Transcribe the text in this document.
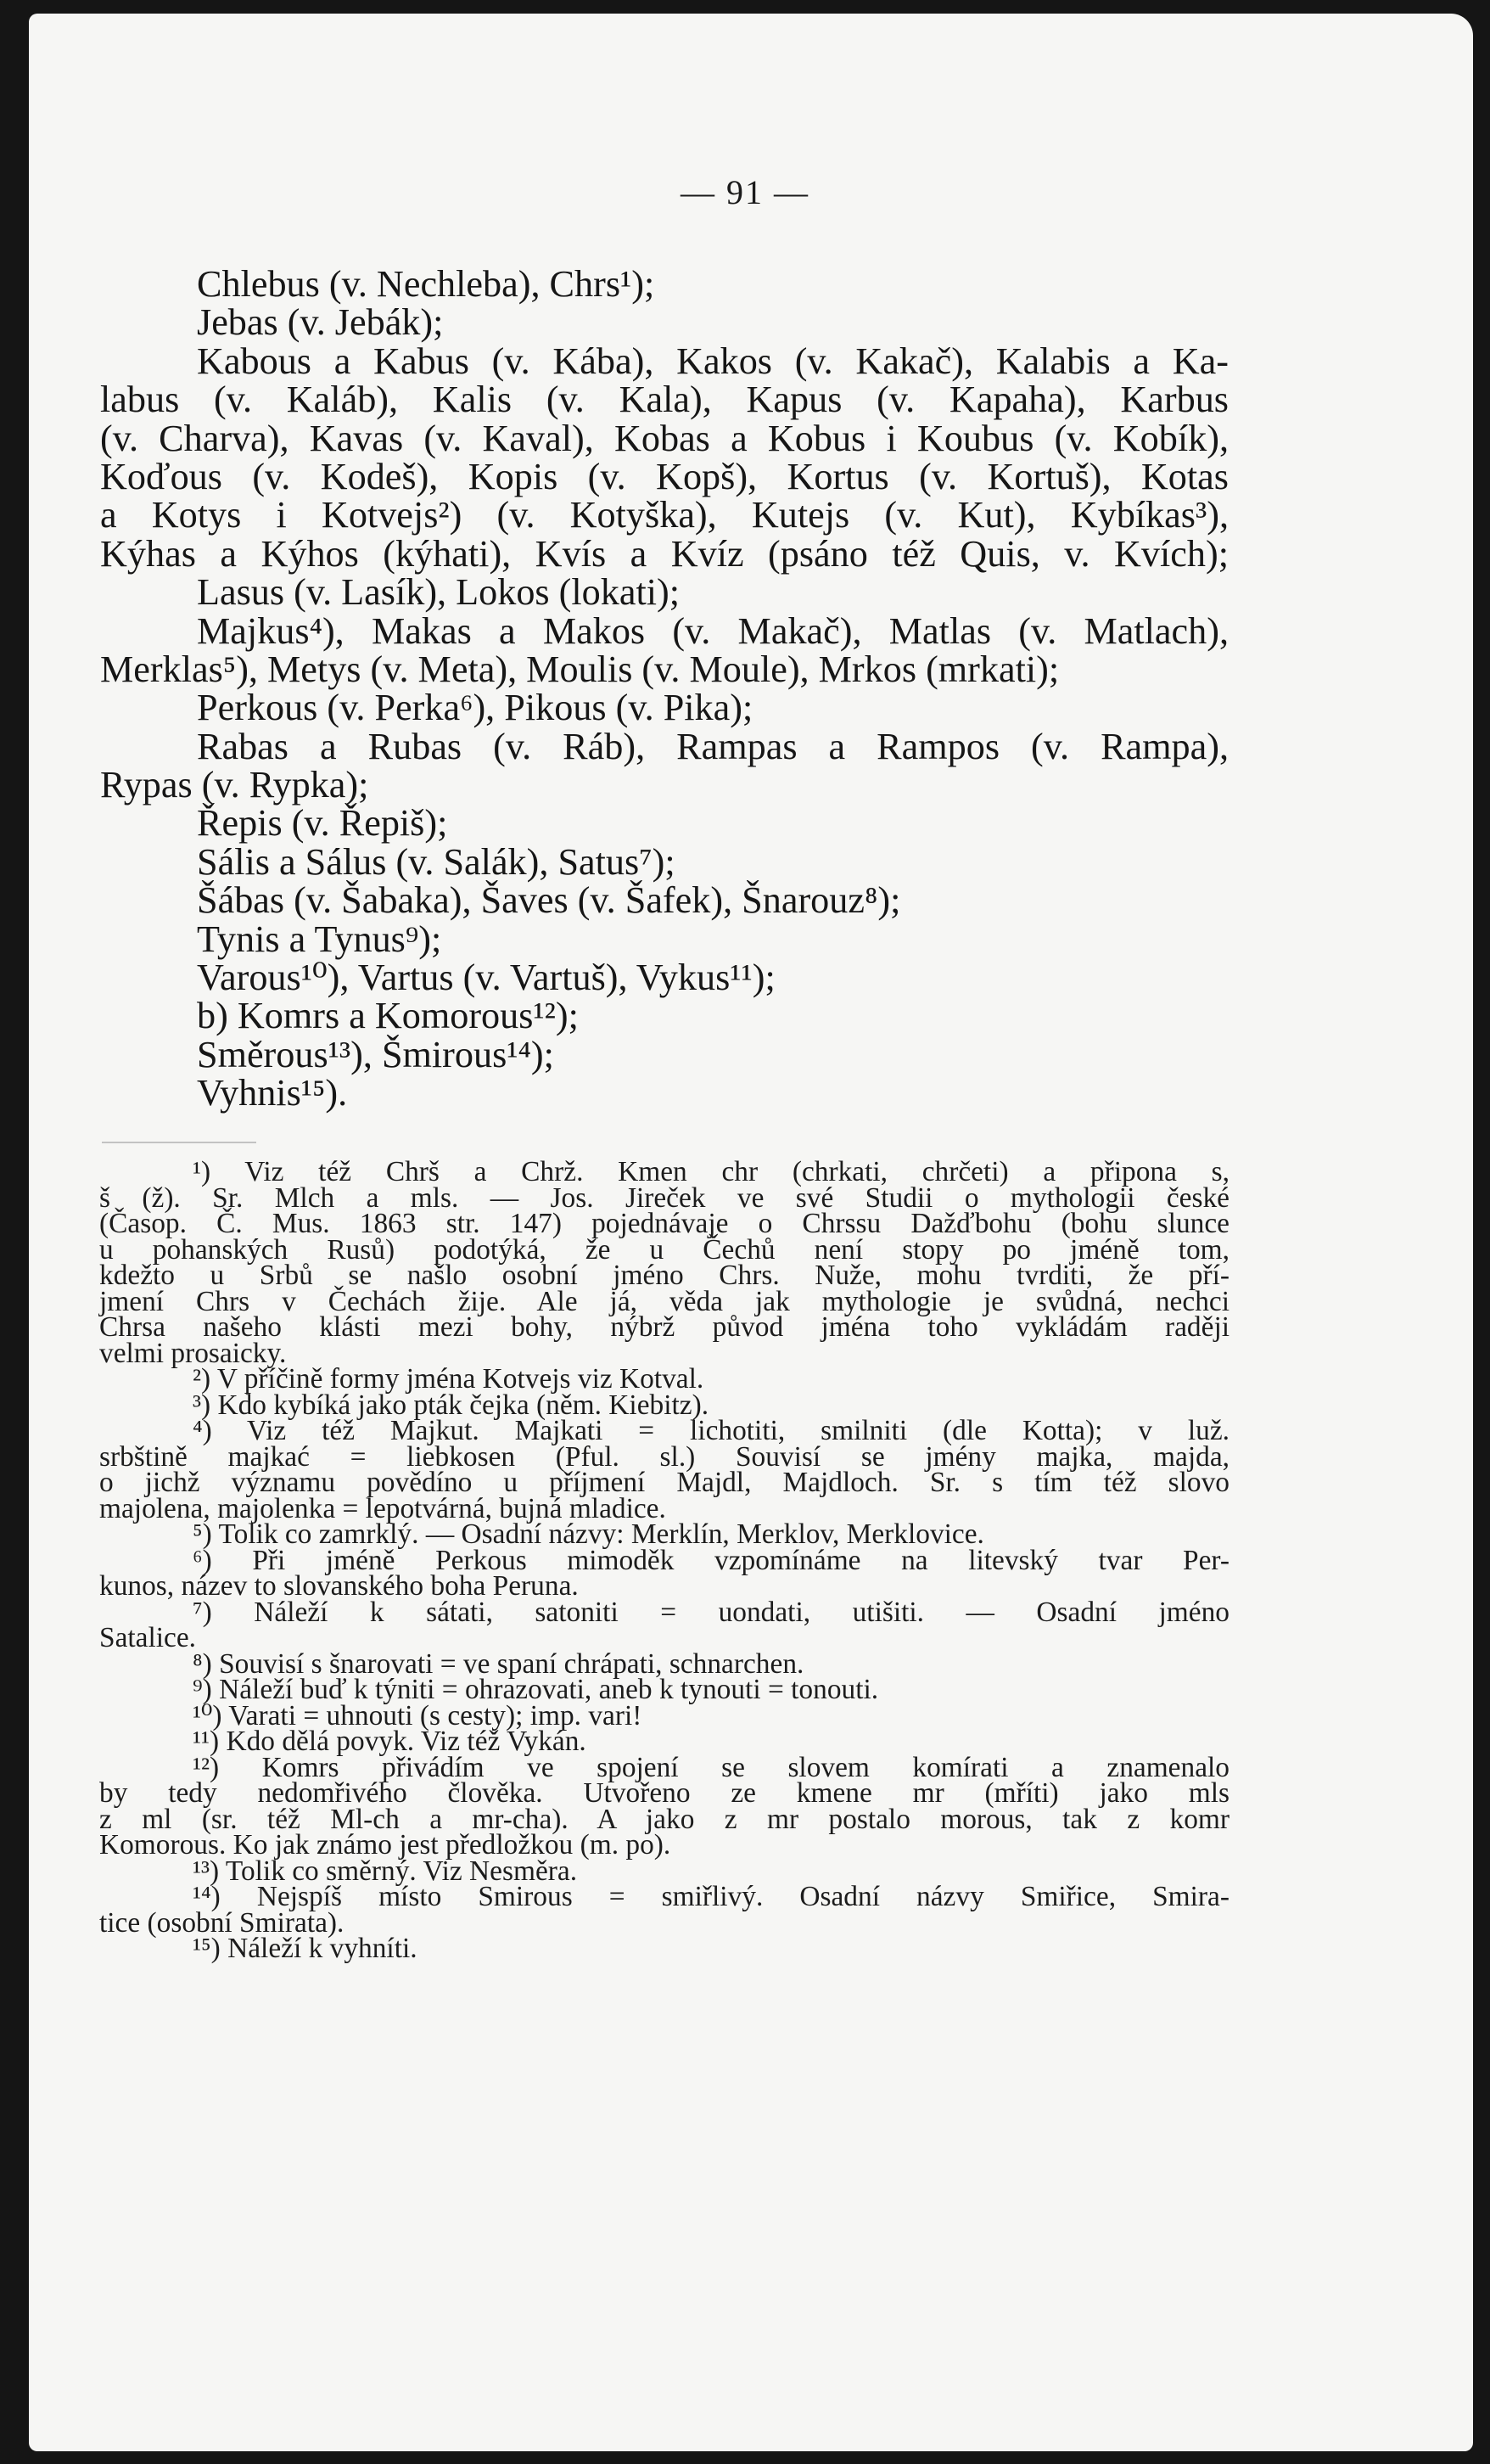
— 91 —
Chlebus (v. Nechleba), Chrs¹);
Jebas (v. Jebák);
Kabous a Kabus (v. Kába), Kakos (v. Kakač), Kalabis a Ka-
labus (v. Kaláb), Kalis (v. Kala), Kapus (v. Kapaha), Karbus
(v. Charva), Kavas (v. Kaval), Kobas a Kobus i Koubus (v. Kobík),
Koďous (v. Kodeš), Kopis (v. Kopš), Kortus (v. Kortuš), Kotas
a Kotys i Kotvejs²) (v. Kotyška), Kutejs (v. Kut), Kybíkas³),
Kýhas a Kýhos (kýhati), Kvís a Kvíz (psáno též Quis, v. Kvích);
Lasus (v. Lasík), Lokos (lokati);
Majkus⁴), Makas a Makos (v. Makač), Matlas (v. Matlach),
Merklas⁵), Metys (v. Meta), Moulis (v. Moule), Mrkos (mrkati);
Perkous (v. Perka⁶), Pikous (v. Pika);
Rabas a Rubas (v. Ráb), Rampas a Rampos (v. Rampa),
Rypas (v. Rypka);
Řepis (v. Řepiš);
Sális a Sálus (v. Salák), Satus⁷);
Šábas (v. Šabaka), Šaves (v. Šafek), Šnarouz⁸);
Tynis a Tynus⁹);
Varous¹⁰), Vartus (v. Vartuš), Vykus¹¹);
b) Komrs a Komorous¹²);
Směrous¹³), Šmirous¹⁴);
Vyhnis¹⁵).
¹) Viz též Chrš a Chrž. Kmen chr (chrkati, chrčeti) a připona s,
š (ž). Sr. Mlch a mls. — Jos. Jireček ve své Studii o mythologii české
(Časop. Č. Mus. 1863 str. 147) pojednávaje o Chrssu Dažďbohu (bohu slunce
u pohanských Rusů) podotýká, že u Čechů není stopy po jméně tom,
kdežto u Srbů se našlo osobní jméno Chrs. Nuže, mohu tvrditi, že pří-
jmení Chrs v Čechách žije. Ale já, věda jak mythologie je svůdná, nechci
Chrsa našeho klásti mezi bohy, nýbrž původ jména toho vykládám raději
velmi prosaicky.
²) V příčině formy jména Kotvejs viz Kotval.
³) Kdo kybíká jako pták čejka (něm. Kiebitz).
⁴) Viz též Majkut. Majkati = lichotiti, smilniti (dle Kotta); v luž.
srbštině majkać = liebkosen (Pful. sl.) Souvisí se jmény majka, majda,
o jichž významu povědíno u příjmení Majdl, Majdloch. Sr. s tím též slovo
majolena, majolenka = lepotvárná, bujná mladice.
⁵) Tolik co zamrklý. — Osadní názvy: Merklín, Merklov, Merklovice.
⁶) Při jméně Perkous mimoděk vzpomínáme na litevský tvar Per-
kunos, název to slovanského boha Peruna.
⁷) Náleží k sátati, satoniti = uondati, utišiti. — Osadní jméno
Satalice.
⁸) Souvisí s šnarovati = ve spaní chrápati, schnarchen.
⁹) Náleží buď k týniti = ohrazovati, aneb k tynouti = tonouti.
¹⁰) Varati = uhnouti (s cesty); imp. vari!
¹¹) Kdo dělá povyk. Viz též Vykán.
¹²) Komrs přivádím ve spojení se slovem komírati a znamenalo
by tedy nedomřivého člověka. Utvořeno ze kmene mr (mříti) jako mls
z ml (sr. též Ml-ch a mr-cha). A jako z mr postalo morous, tak z komr
Komorous. Ko jak známo jest předložkou (m. po).
¹³) Tolik co směrný. Viz Nesměra.
¹⁴) Nejspíš místo Smirous = smiřlivý. Osadní názvy Smiřice, Smira-
tice (osobní Smirata).
¹⁵) Náleží k vyhníti.
